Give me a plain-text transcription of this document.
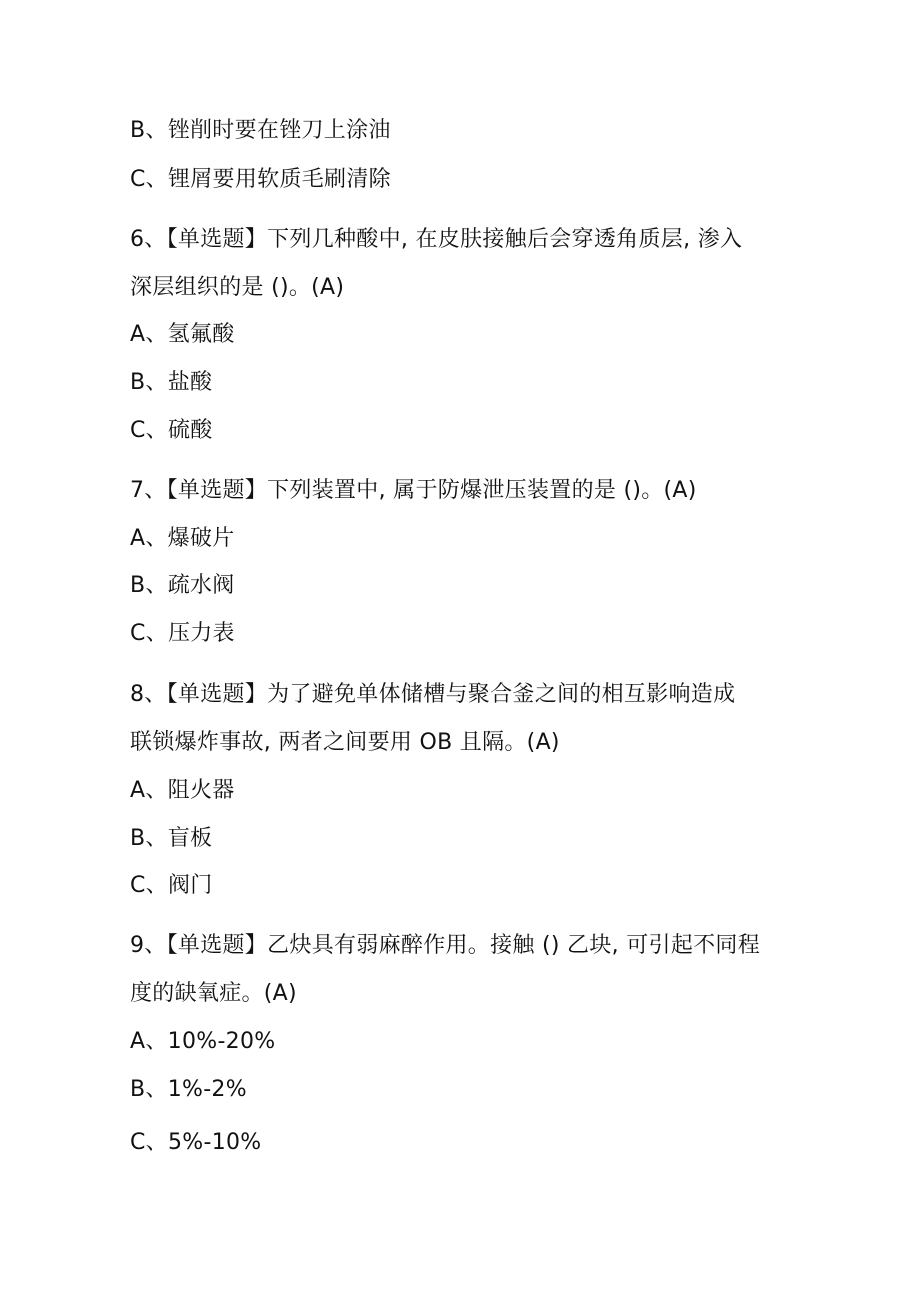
B、锉削时要在锉刀上涂油
C、锂屑要用软质毛刷清除
6、【单选题】下列几种酸中, 在皮肤接触后会穿透角质层, 渗入
深层组织的是 ()。(A)
A、氢氟酸
B、盐酸
C、硫酸
7、【单选题】下列装置中, 属于防爆泄压装置的是 ()。(A)
A、爆破片
B、疏水阀
C、压力表
8、【单选题】为了避免单体储槽与聚合釜之间的相互影响造成
联锁爆炸事故, 两者之间要用 OB 且隔。(A)
A、阻火器
B、盲板
C、阀门
9、【单选题】乙炔具有弱麻醉作用。接触 () 乙块, 可引起不同程
度的缺氧症。(A)
A、10%-20%
B、1%-2%
C、5%-10%
